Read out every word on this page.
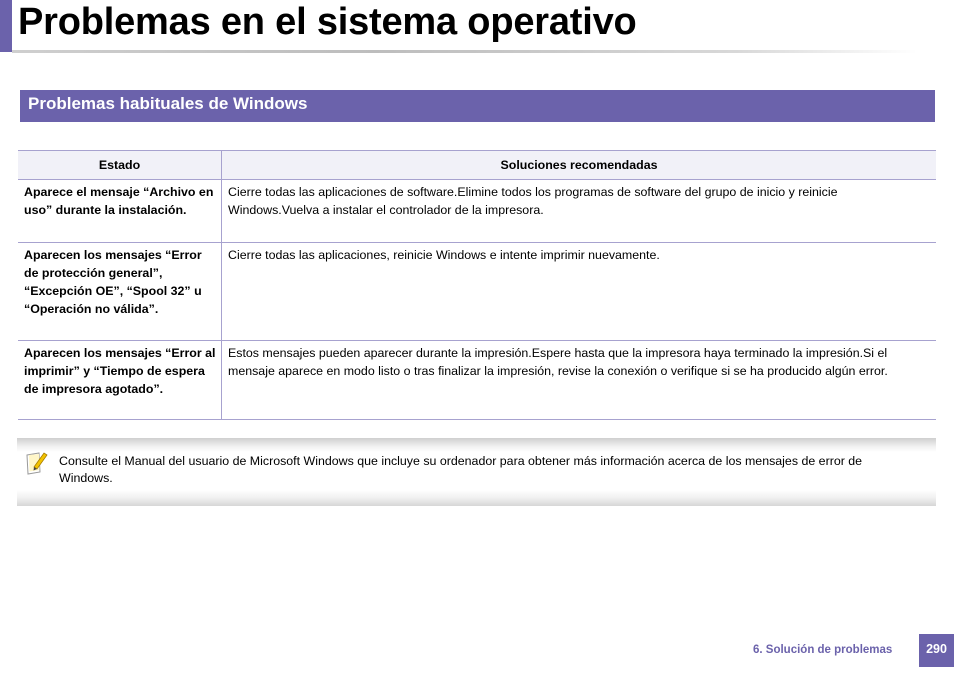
Problemas en el sistema operativo
Problemas habituales de Windows
Estado	Soluciones recomendadas
Aparece el mensaje “Archivo en uso” durante la instalación.	Cierre todas las aplicaciones de software.Elimine todos los programas de software del grupo de inicio y reinicie Windows.Vuelva a instalar el controlador de la impresora.
Aparecen los mensajes “Error de protección general”, “Excepción OE”, “Spool 32” u “Operación no válida”.	Cierre todas las aplicaciones, reinicie Windows e intente imprimir nuevamente.
Aparecen los mensajes “Error al imprimir” y “Tiempo de espera de impresora agotado”.	Estos mensajes pueden aparecer durante la impresión.Espere hasta que la impresora haya terminado la impresión.Si el mensaje aparece en modo listo o tras finalizar la impresión, revise la conexión o verifique si se ha producido algún error.
Consulte el Manual del usuario de Microsoft Windows que incluye su ordenador para obtener más información acerca de los mensajes de error de Windows.
6. Solución de problemas	290
